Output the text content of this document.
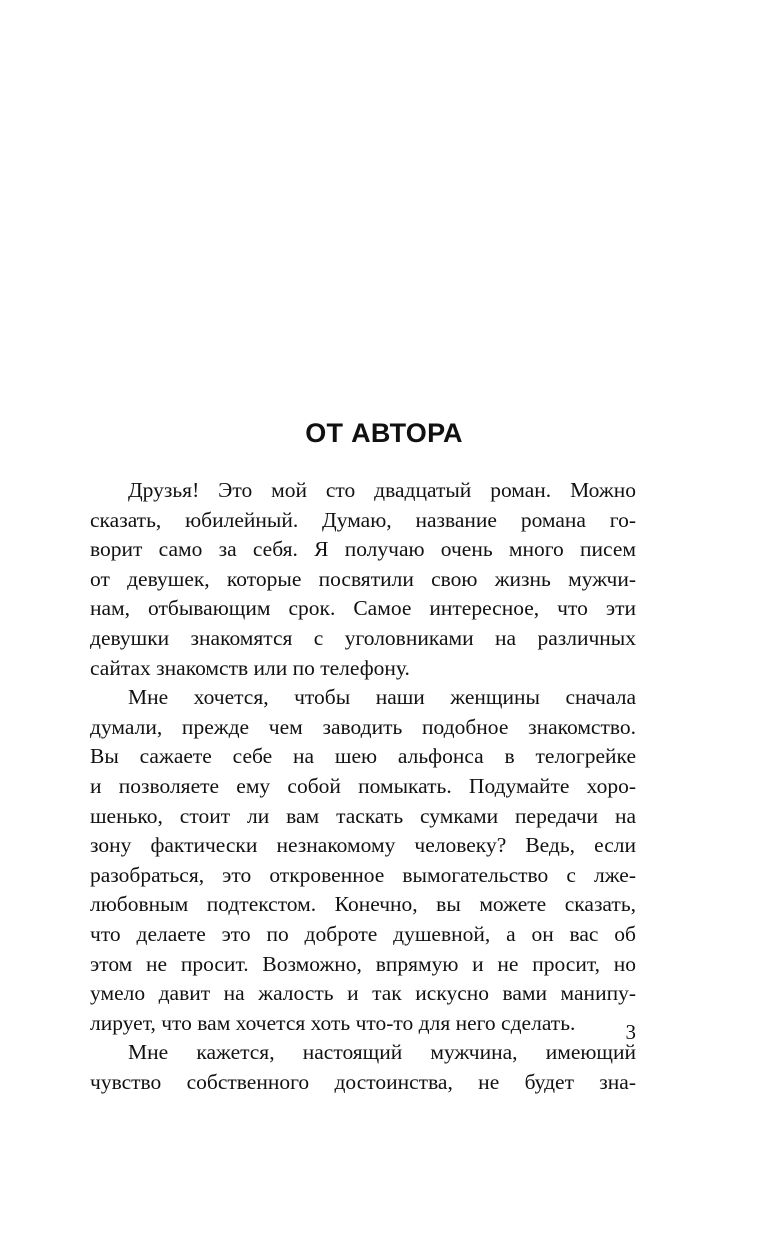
ОТ АВТОРА
Друзья! Это мой сто двадцатый роман. Можно
сказать, юбилейный. Думаю, название романа го-
ворит само за себя. Я получаю очень много писем
от девушек, которые посвятили свою жизнь мужчи-
нам, отбывающим срок. Самое интересное, что эти
девушки знакомятся с уголовниками на различных
сайтах знакомств или по телефону.
Мне хочется, чтобы наши женщины сначала
думали, прежде чем заводить подобное знакомство.
Вы сажаете себе на шею альфонса в телогрейке
и позволяете ему собой помыкать. Подумайте хоро-
шенько, стоит ли вам таскать сумками передачи на
зону фактически незнакомому человеку? Ведь, если
разобраться, это откровенное вымогательство с лже-
любовным подтекстом. Конечно, вы можете сказать,
что делаете это по доброте душевной, а он вас об
этом не просит. Возможно, впрямую и не просит, но
умело давит на жалость и так искусно вами манипу-
лирует, что вам хочется хоть что-то для него сделать.
Мне кажется, настоящий мужчина, имеющий
чувство собственного достоинства, не будет зна-
3
